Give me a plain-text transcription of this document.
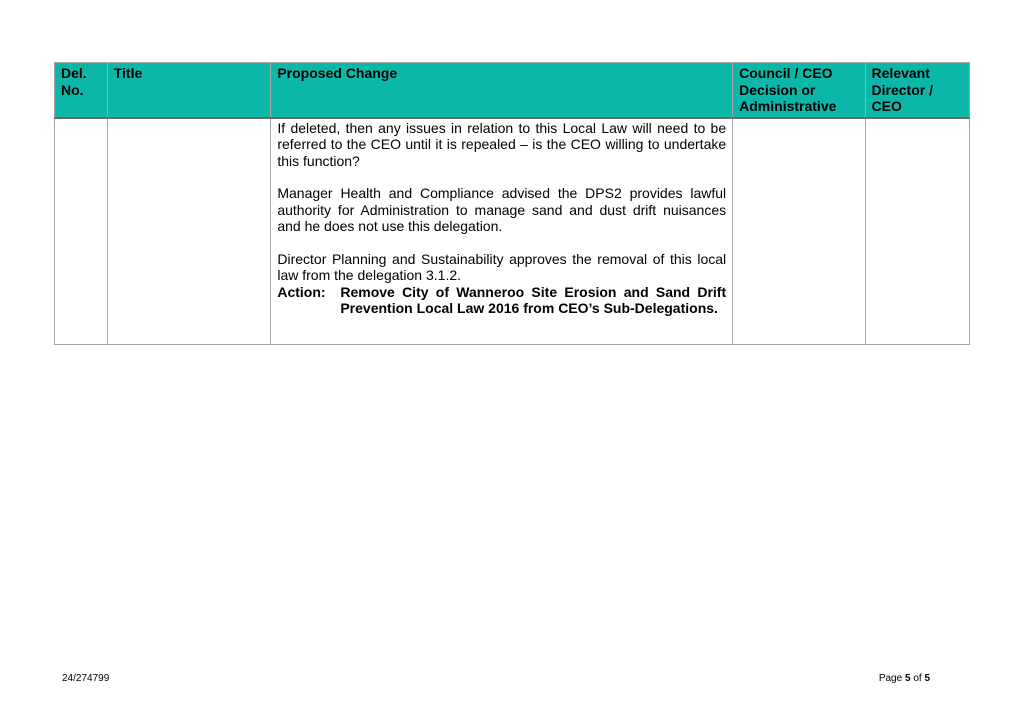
Del. No.	Title	Proposed Change	Council / CEO Decision or Administrative	Relevant Director / CEO

		If deleted, then any issues in relation to this Local Law will need to be referred to the CEO until it is repealed – is the CEO willing to undertake this function?

Manager Health and Compliance advised the DPS2 provides lawful authority for Administration to manage sand and dust drift nuisances and he does not use this delegation.

Director Planning and Sustainability approves the removal of this local law from the delegation 3.1.2.

Action: Remove City of Wanneroo Site Erosion and Sand Drift Prevention Local Law 2016 from CEO’s Sub-Delegations.		

24/274799	Page 5 of 5
